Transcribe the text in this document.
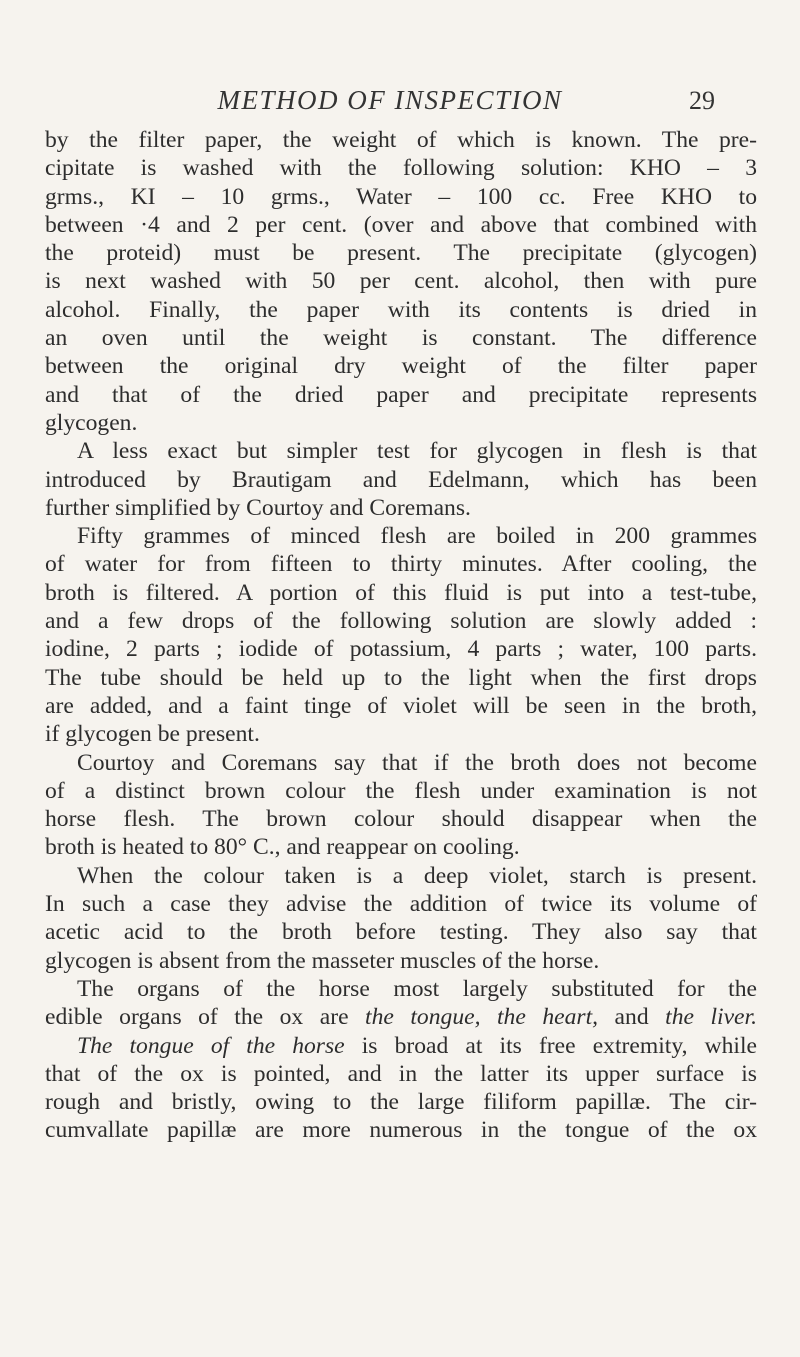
METHOD OF INSPECTION	29
by the filter paper, the weight of which is known. The pre-
cipitate is washed with the following solution: KHO – 3
grms., KI – 10 grms., Water – 100 cc. Free KHO to
between ·4 and 2 per cent. (over and above that combined with
the proteid) must be present. The precipitate (glycogen)
is next washed with 50 per cent. alcohol, then with pure
alcohol. Finally, the paper with its contents is dried in
an oven until the weight is constant. The difference
between the original dry weight of the filter paper
and that of the dried paper and precipitate represents
glycogen.
A less exact but simpler test for glycogen in flesh is that
introduced by Brautigam and Edelmann, which has been
further simplified by Courtoy and Coremans.
Fifty grammes of minced flesh are boiled in 200 grammes
of water for from fifteen to thirty minutes. After cooling, the
broth is filtered. A portion of this fluid is put into a test-tube,
and a few drops of the following solution are slowly added :
iodine, 2 parts ; iodide of potassium, 4 parts ; water, 100 parts.
The tube should be held up to the light when the first drops
are added, and a faint tinge of violet will be seen in the broth,
if glycogen be present.
Courtoy and Coremans say that if the broth does not become
of a distinct brown colour the flesh under examination is not
horse flesh. The brown colour should disappear when the
broth is heated to 80° C., and reappear on cooling.
When the colour taken is a deep violet, starch is present.
In such a case they advise the addition of twice its volume of
acetic acid to the broth before testing. They also say that
glycogen is absent from the masseter muscles of the horse.
The organs of the horse most largely substituted for the
edible organs of the ox are the tongue, the heart, and the liver.
The tongue of the horse is broad at its free extremity, while
that of the ox is pointed, and in the latter its upper surface is
rough and bristly, owing to the large filiform papillæ. The cir-
cumvallate papillæ are more numerous in the tongue of the ox
